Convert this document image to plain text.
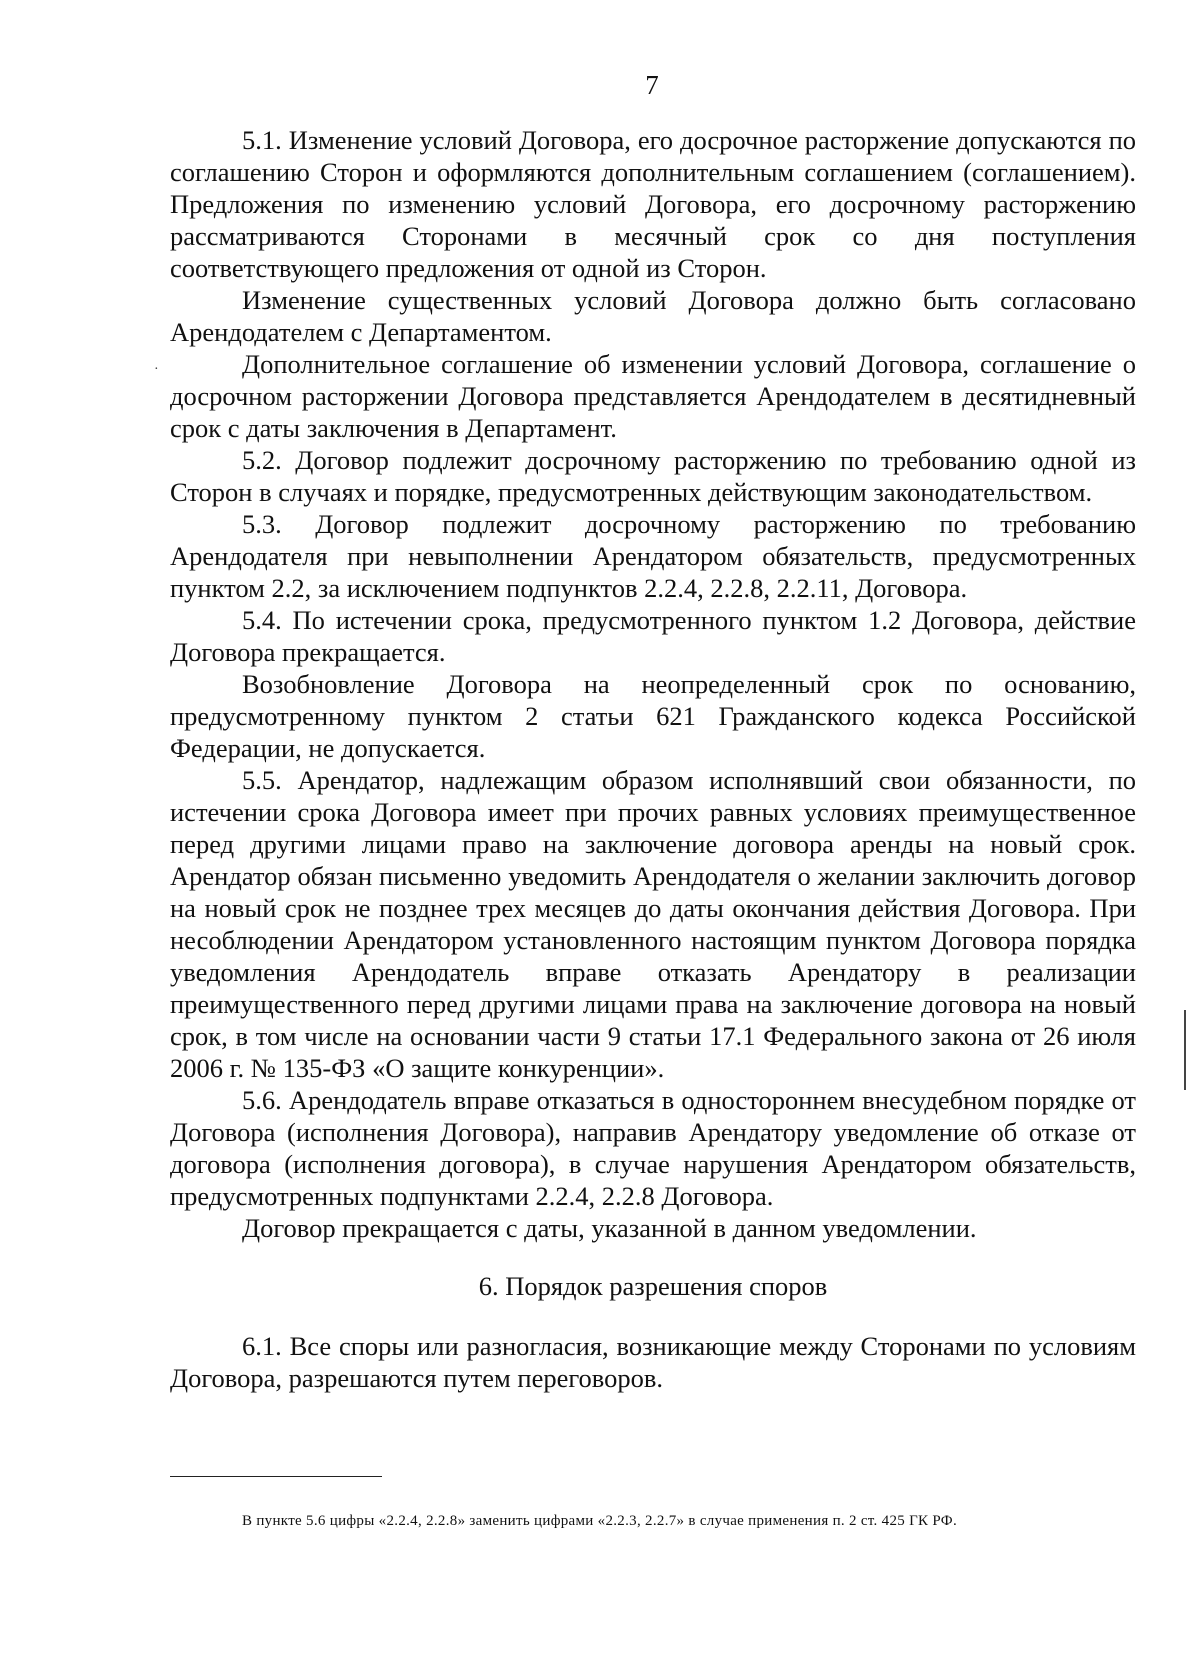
7

5.1. Изменение условий Договора, его досрочное расторжение допускаются по соглашению Сторон и оформляются дополнительным соглашением (соглашением). Предложения по изменению условий Договора, его досрочному расторжению рассматриваются Сторонами в месячный срок со дня поступления соответствующего предложения от одной из Сторон.

Изменение существенных условий Договора должно быть согласовано Арендодателем с Департаментом.

Дополнительное соглашение об изменении условий Договора, соглашение о досрочном расторжении Договора представляется Арендодателем в десятидневный срок с даты заключения в Департамент.

5.2. Договор подлежит досрочному расторжению по требованию одной из Сторон в случаях и порядке, предусмотренных действующим законодательством.

5.3. Договор подлежит досрочному расторжению по требованию Арендодателя при невыполнении Арендатором обязательств, предусмотренных пунктом 2.2, за исключением подпунктов 2.2.4, 2.2.8, 2.2.11, Договора.

5.4. По истечении срока, предусмотренного пунктом 1.2 Договора, действие Договора прекращается.

Возобновление Договора на неопределенный срок по основанию, предусмотренному пунктом 2 статьи 621 Гражданского кодекса Российской Федерации, не допускается.

5.5. Арендатор, надлежащим образом исполнявший свои обязанности, по истечении срока Договора имеет при прочих равных условиях преимущественное перед другими лицами право на заключение договора аренды на новый срок. Арендатор обязан письменно уведомить Арендодателя о желании заключить договор на новый срок не позднее трех месяцев до даты окончания действия Договора. При несоблюдении Арендатором установленного настоящим пунктом Договора порядка уведомления Арендодатель вправе отказать Арендатору в реализации преимущественного перед другими лицами права на заключение договора на новый срок, в том числе на основании части 9 статьи 17.1 Федерального закона от 26 июля 2006 г. № 135-ФЗ «О защите конкуренции».

5.6. Арендодатель вправе отказаться в одностороннем внесудебном порядке от Договора (исполнения Договора), направив Арендатору уведомление об отказе от договора (исполнения договора), в случае нарушения Арендатором обязательств, предусмотренных подпунктами 2.2.4, 2.2.8 Договора.

Договор прекращается с даты, указанной в данном уведомлении.

6. Порядок разрешения споров

6.1. Все споры или разногласия, возникающие между Сторонами по условиям Договора, разрешаются путем переговоров.

В пункте 5.6 цифры «2.2.4, 2.2.8» заменить цифрами «2.2.3, 2.2.7» в случае применения п. 2 ст. 425 ГК РФ.
·
